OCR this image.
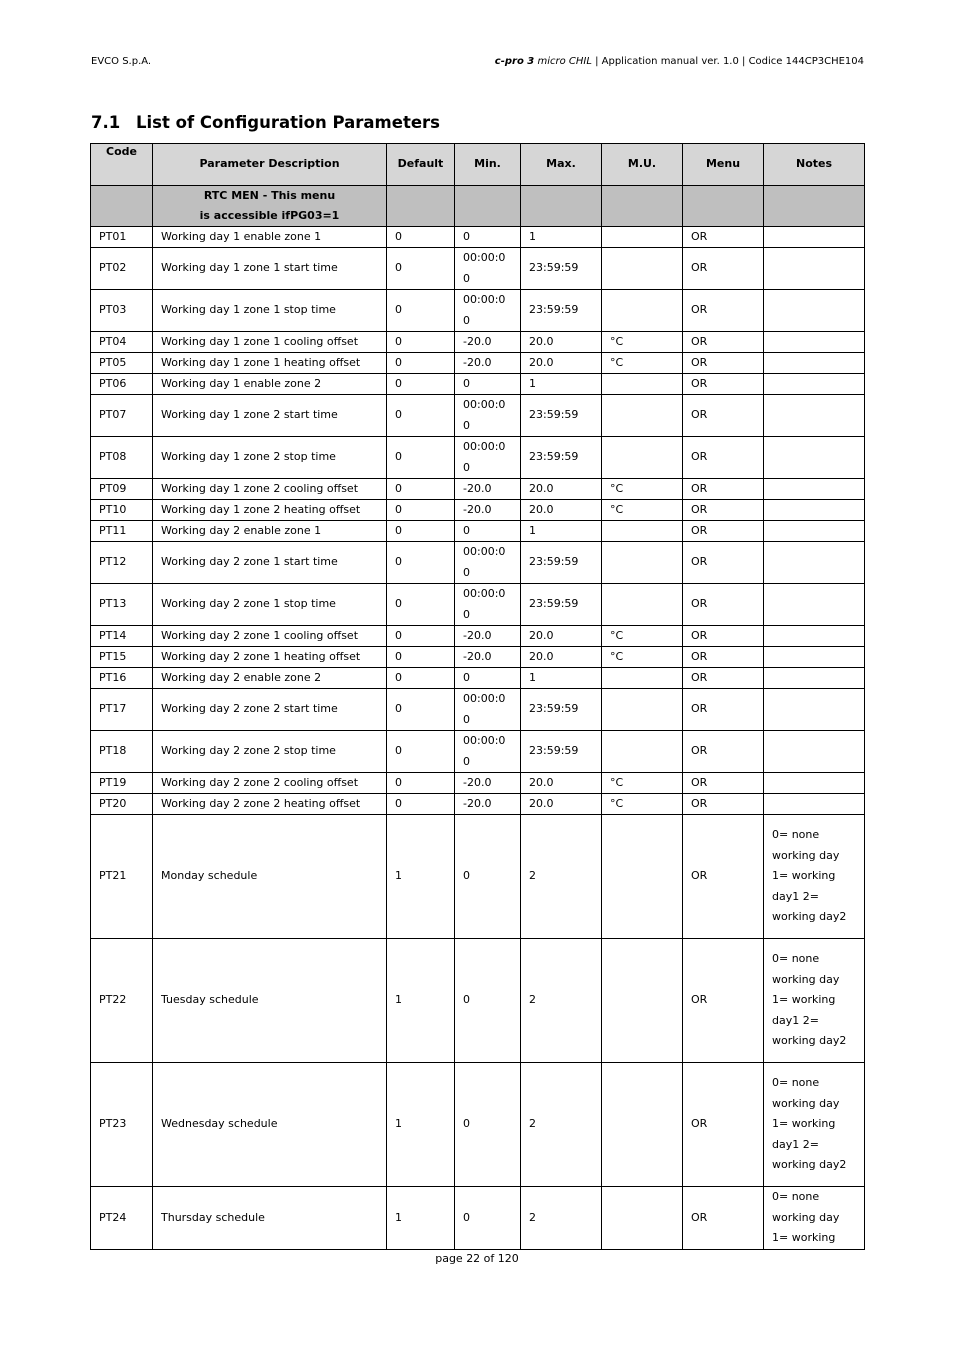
EVCO S.p.A.	c-pro 3 micro CHIL | Application manual ver. 1.0 | Codice 144CP3CHE104
7.1 List of Configuration Parameters
Code	Parameter Description	Default	Min.	Max.	M.U.	Menu	Notes
	RTC MEN - This menu
is accessible ifPG03=1						
PT01	Working day 1 enable zone 1	0	0	1		OR	
PT02	Working day 1 zone 1 start time	0	00:00:0 0	23:59:59		OR	
PT03	Working day 1 zone 1 stop time	0	00:00:0 0	23:59:59		OR	
PT04	Working day 1 zone 1 cooling offset	0	-20.0	20.0	°C	OR	
PT05	Working day 1 zone 1 heating offset	0	-20.0	20.0	°C	OR	
PT06	Working day 1 enable zone 2	0	0	1		OR	
PT07	Working day 1 zone 2 start time	0	00:00:0 0	23:59:59		OR	
PT08	Working day 1 zone 2 stop time	0	00:00:0 0	23:59:59		OR	
PT09	Working day 1 zone 2 cooling offset	0	-20.0	20.0	°C	OR	
PT10	Working day 1 zone 2 heating offset	0	-20.0	20.0	°C	OR	
PT11	Working day 2 enable zone 1	0	0	1		OR	
PT12	Working day 2 zone 1 start time	0	00:00:0 0	23:59:59		OR	
PT13	Working day 2 zone 1 stop time	0	00:00:0 0	23:59:59		OR	
PT14	Working day 2 zone 1 cooling offset	0	-20.0	20.0	°C	OR	
PT15	Working day 2 zone 1 heating offset	0	-20.0	20.0	°C	OR	
PT16	Working day 2 enable zone 2	0	0	1		OR	
PT17	Working day 2 zone 2 start time	0	00:00:0 0	23:59:59		OR	
PT18	Working day 2 zone 2 stop time	0	00:00:0 0	23:59:59		OR	
PT19	Working day 2 zone 2 cooling offset	0	-20.0	20.0	°C	OR	
PT20	Working day 2 zone 2 heating offset	0	-20.0	20.0	°C	OR	
PT21	Monday schedule	1	0	2		OR	0= none working day 1= working day1 2= working day2
PT22	Tuesday schedule	1	0	2		OR	0= none working day 1= working day1 2= working day2
PT23	Wednesday schedule	1	0	2		OR	0= none working day 1= working day1 2= working day2
PT24	Thursday schedule	1	0	2		OR	0= none working day 1= working
page 22 of 120
